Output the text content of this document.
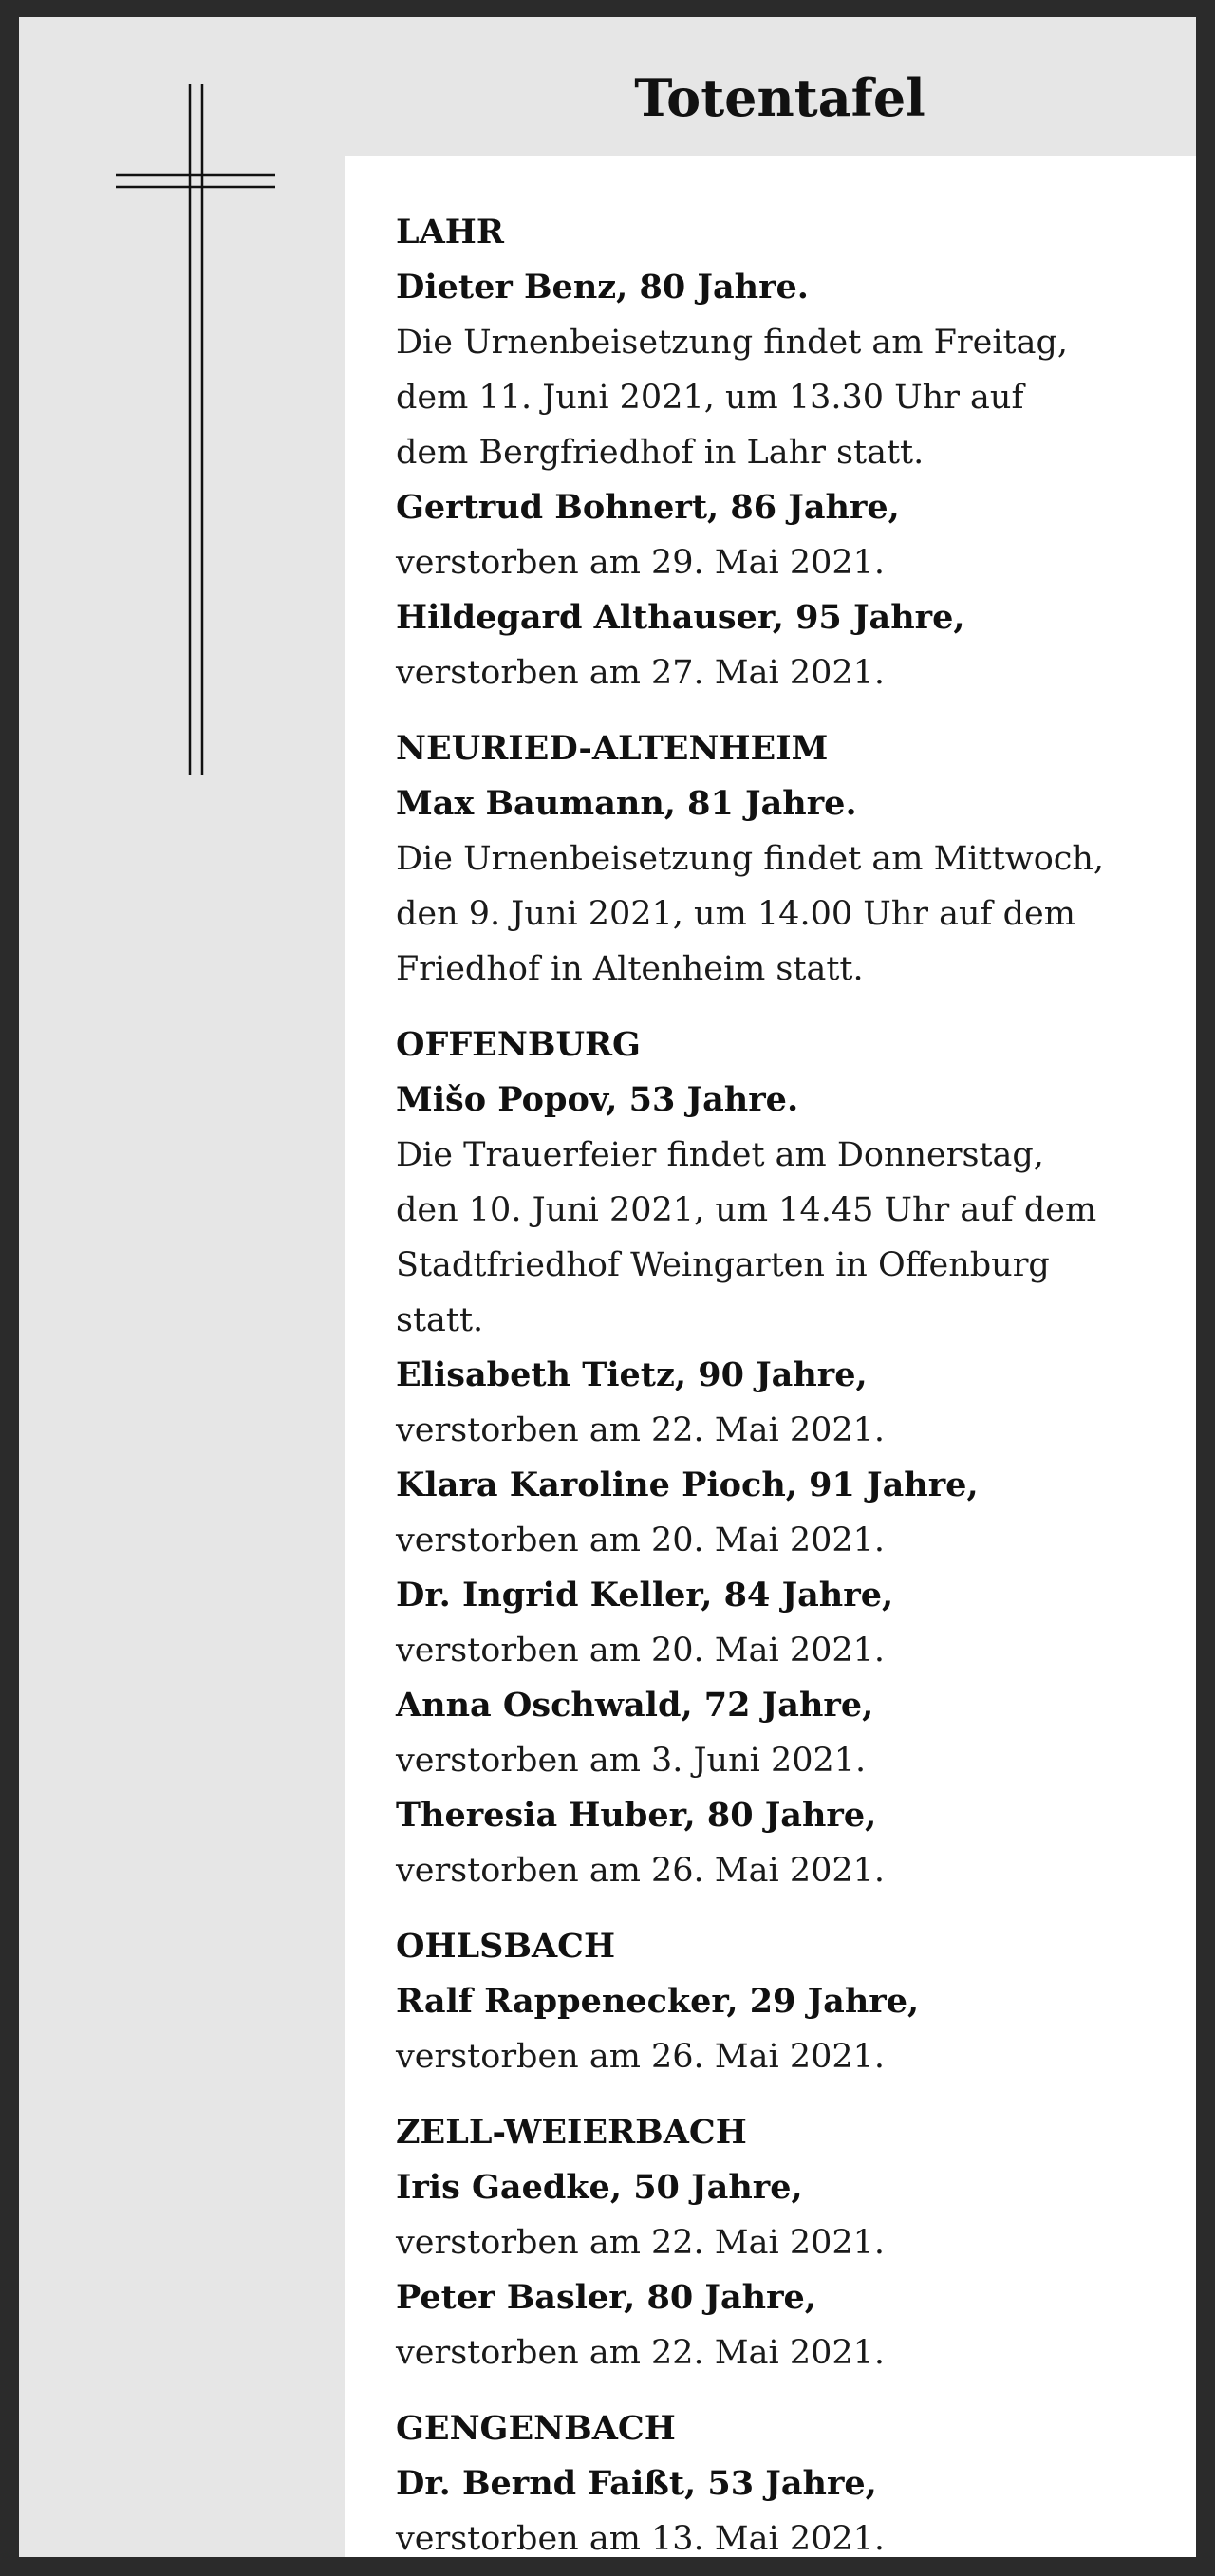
Totentafel
LAHR
Dieter Benz, 80 Jahre.
Die Urnenbeisetzung findet am Freitag,
dem 11. Juni 2021, um 13.30 Uhr auf
dem Bergfriedhof in Lahr statt.
Gertrud Bohnert, 86 Jahre,
verstorben am 29. Mai 2021.
Hildegard Althauser, 95 Jahre,
verstorben am 27. Mai 2021.
NEURIED-ALTENHEIM
Max Baumann, 81 Jahre.
Die Urnenbeisetzung findet am Mittwoch,
den 9. Juni 2021, um 14.00 Uhr auf dem
Friedhof in Altenheim statt.
OFFENBURG
Mišo Popov, 53 Jahre.
Die Trauerfeier findet am Donnerstag,
den 10. Juni 2021, um 14.45 Uhr auf dem
Stadtfriedhof Weingarten in Offenburg
statt.
Elisabeth Tietz, 90 Jahre,
verstorben am 22. Mai 2021.
Klara Karoline Pioch, 91 Jahre,
verstorben am 20. Mai 2021.
Dr. Ingrid Keller, 84 Jahre,
verstorben am 20. Mai 2021.
Anna Oschwald, 72 Jahre,
verstorben am 3. Juni 2021.
Theresia Huber, 80 Jahre,
verstorben am 26. Mai 2021.
OHLSBACH
Ralf Rappenecker, 29 Jahre,
verstorben am 26. Mai 2021.
ZELL-WEIERBACH
Iris Gaedke, 50 Jahre,
verstorben am 22. Mai 2021.
Peter Basler, 80 Jahre,
verstorben am 22. Mai 2021.
GENGENBACH
Dr. Bernd Faißt, 53 Jahre,
verstorben am 13. Mai 2021.
